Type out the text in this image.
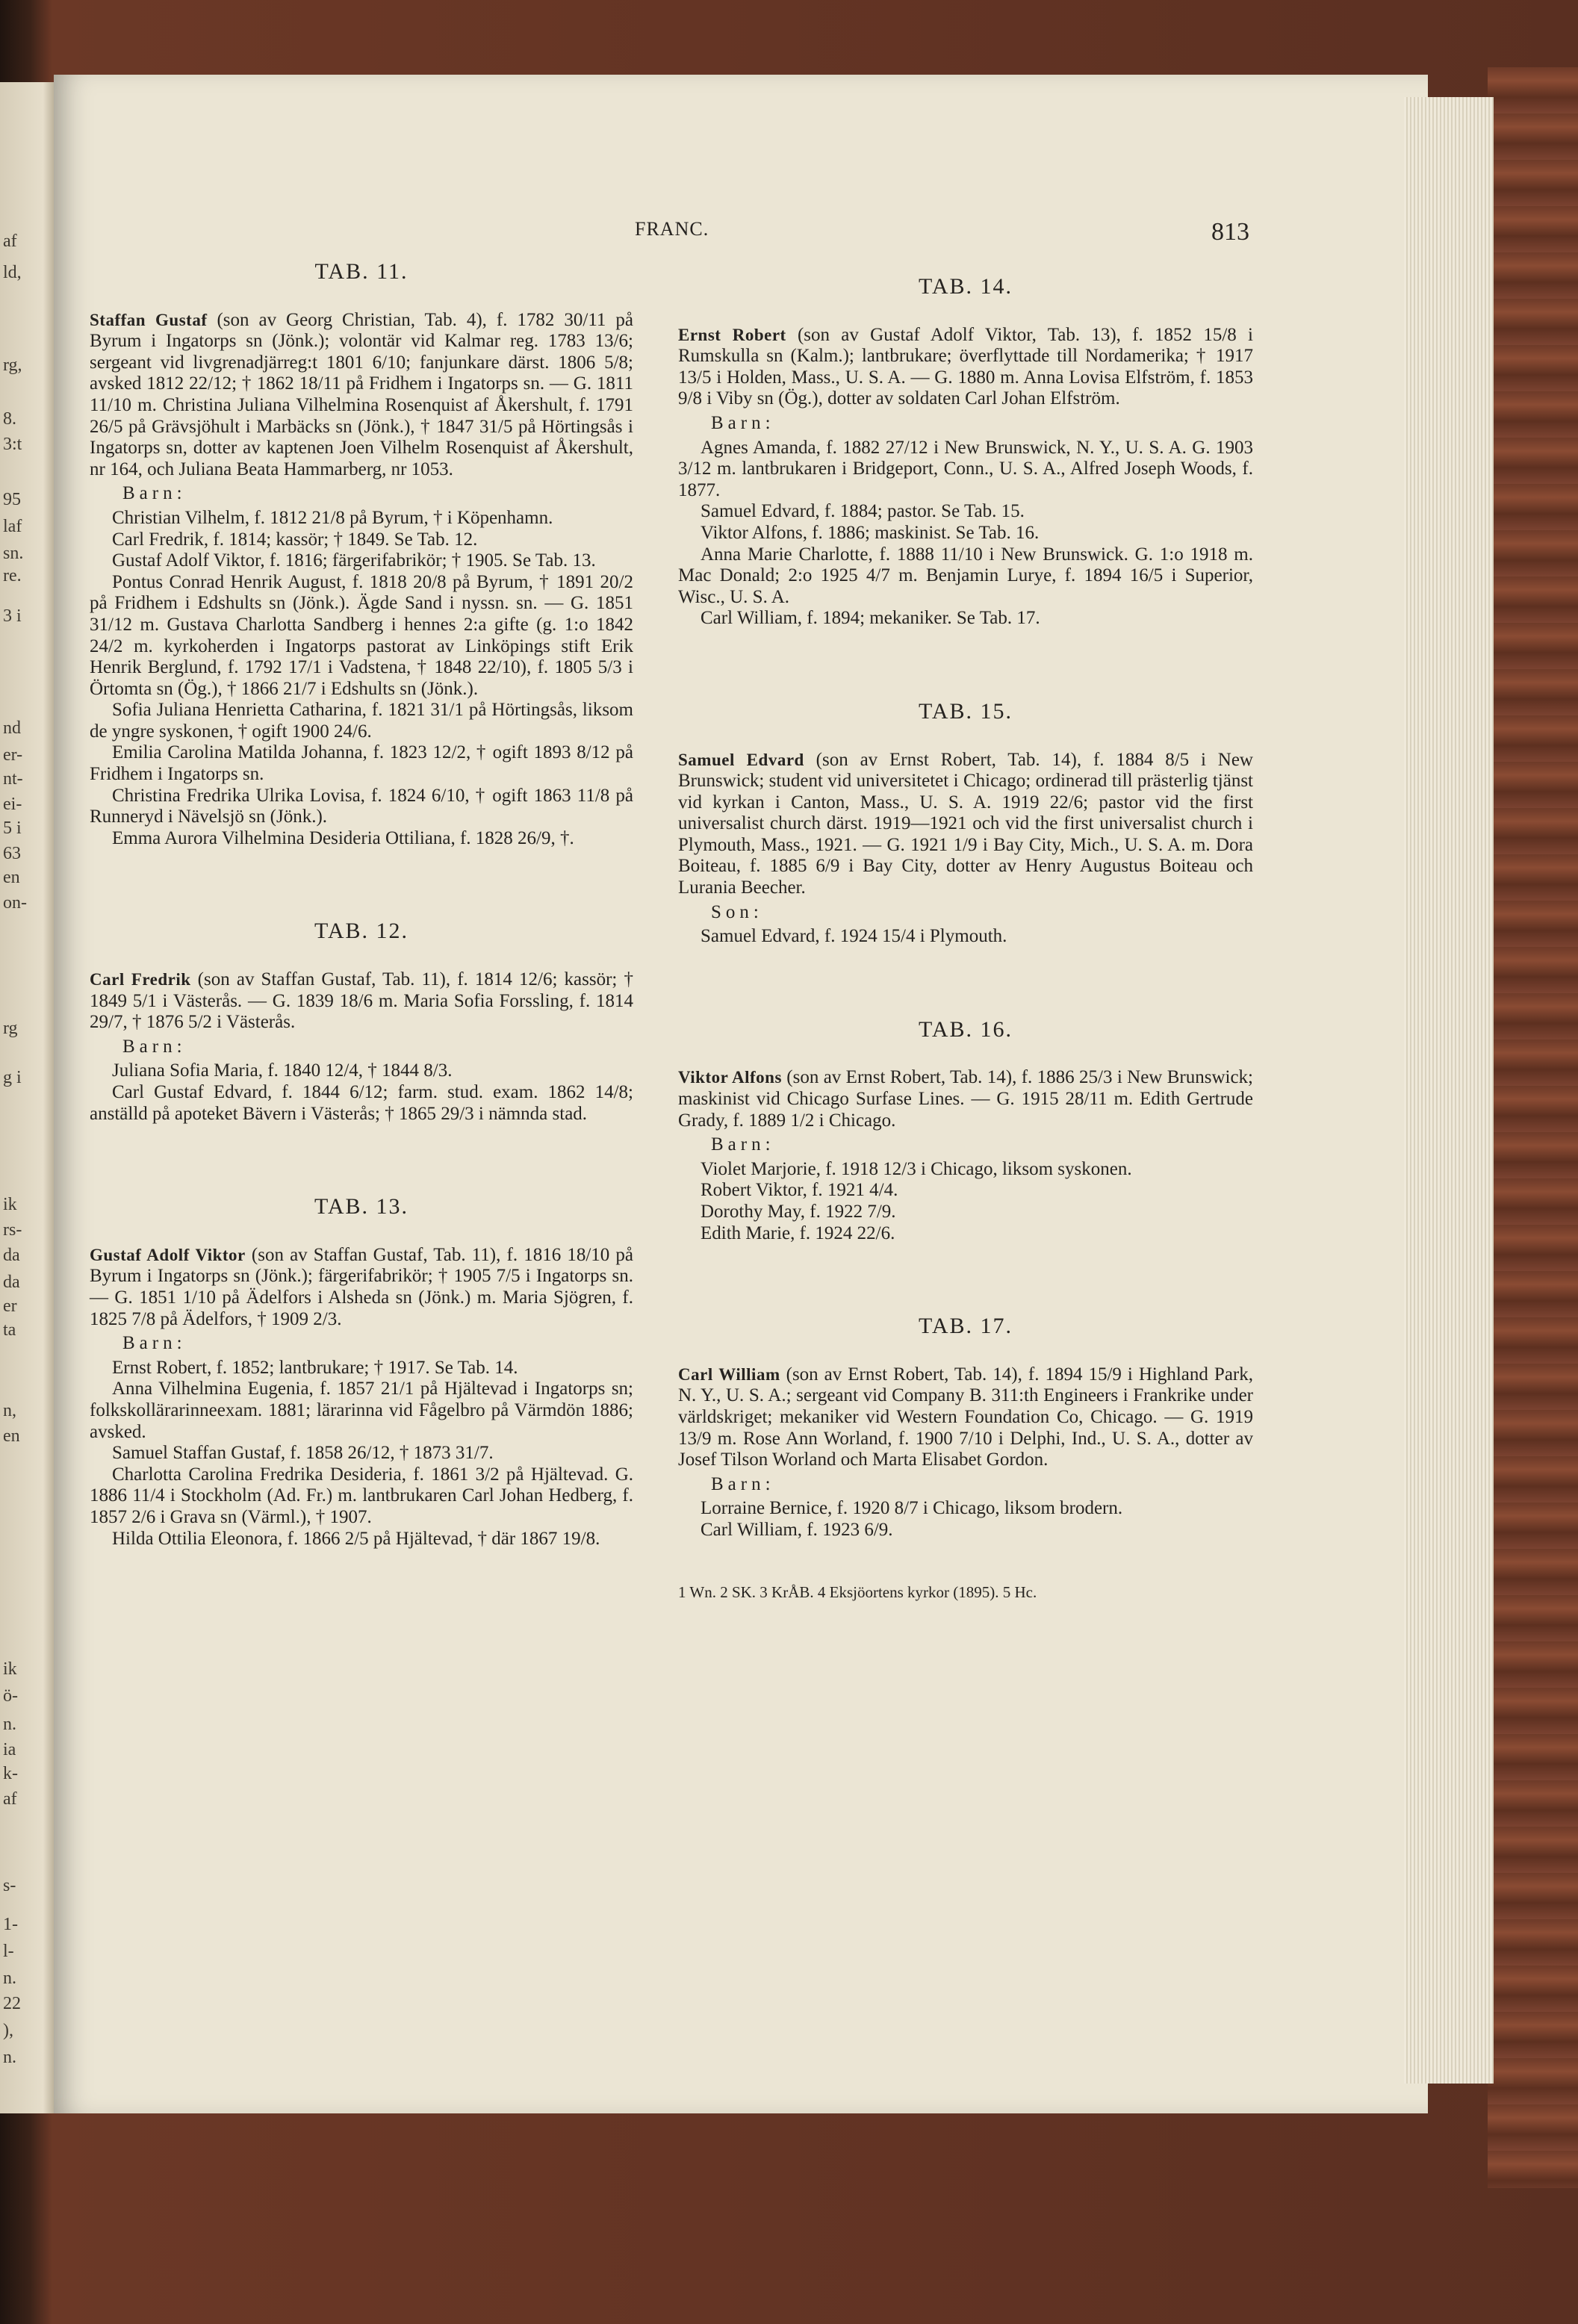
af
ld,
rg,
8.
3:t
95
laf
sn.
re.
3 i
nd
er-
nt-
ei-
5 i
63
en
on-
rg
g i
ik
rs-
da
da
er
ta
n,
en
ik
ö-
n.
ia
k-
af
s-
1-
l-
n.
22
),
n.
FRANC.	813
TAB. 11.

Staffan Gustaf (son av Georg Christian, Tab. 4), f. 1782 30/11 på Byrum i Ingatorps sn (Jönk.); volontär vid Kalmar reg. 1783 13/6; sergeant vid livgrenadjärreg:t 1801 6/10; fanjunkare därst. 1806 5/8; avsked 1812 22/12; † 1862 18/11 på Fridhem i Ingatorps sn. — G. 1811 11/10 m. Christina Juliana Vilhelmina Rosenquist af Åkershult, f. 1791 26/5 på Grävsjöhult i Marbäcks sn (Jönk.), † 1847 31/5 på Hörtingsås i Ingatorps sn, dotter av kaptenen Joen Vilhelm Rosenquist af Åkershult, nr 164, och Juliana Beata Hammarberg, nr 1053.

Barn:

Christian Vilhelm, f. 1812 21/8 på Byrum, † i Köpenhamn.

Carl Fredrik, f. 1814; kassör; † 1849. Se Tab. 12.

Gustaf Adolf Viktor, f. 1816; färgerifabrikör; † 1905. Se Tab. 13.

Pontus Conrad Henrik August, f. 1818 20/8 på Byrum, † 1891 20/2 på Fridhem i Edshults sn (Jönk.). Ägde Sand i nyssn. sn. — G. 1851 31/12 m. Gustava Charlotta Sandberg i hennes 2:a gifte (g. 1:o 1842 24/2 m. kyrkoherden i Ingatorps pastorat av Linköpings stift Erik Henrik Berglund, f. 1792 17/1 i Vadstena, † 1848 22/10), f. 1805 5/3 i Örtomta sn (Ög.), † 1866 21/7 i Edshults sn (Jönk.).

Sofia Juliana Henrietta Catharina, f. 1821 31/1 på Hörtingsås, liksom de yngre syskonen, † ogift 1900 24/6.

Emilia Carolina Matilda Johanna, f. 1823 12/2, † ogift 1893 8/12 på Fridhem i Ingatorps sn.

Christina Fredrika Ulrika Lovisa, f. 1824 6/10, † ogift 1863 11/8 på Runneryd i Nävelsjö sn (Jönk.).

Emma Aurora Vilhelmina Desideria Ottiliana, f. 1828 26/9, †.

TAB. 12.

Carl Fredrik (son av Staffan Gustaf, Tab. 11), f. 1814 12/6; kassör; † 1849 5/1 i Västerås. — G. 1839 18/6 m. Maria Sofia Forssling, f. 1814 29/7, † 1876 5/2 i Västerås.

Barn:

Juliana Sofia Maria, f. 1840 12/4, † 1844 8/3.

Carl Gustaf Edvard, f. 1844 6/12; farm. stud. exam. 1862 14/8; anställd på apoteket Bävern i Västerås; † 1865 29/3 i nämnda stad.

TAB. 13.

Gustaf Adolf Viktor (son av Staffan Gustaf, Tab. 11), f. 1816 18/10 på Byrum i Ingatorps sn (Jönk.); färgerifabrikör; † 1905 7/5 i Ingatorps sn. — G. 1851 1/10 på Ädelfors i Alsheda sn (Jönk.) m. Maria Sjögren, f. 1825 7/8 på Ädelfors, † 1909 2/3.

Barn:

Ernst Robert, f. 1852; lantbrukare; † 1917. Se Tab. 14.

Anna Vilhelmina Eugenia, f. 1857 21/1 på Hjältevad i Ingatorps sn; folkskollärarinneexam. 1881; lärarinna vid Fågelbro på Värmdön 1886; avsked.

Samuel Staffan Gustaf, f. 1858 26/12, † 1873 31/7.

Charlotta Carolina Fredrika Desideria, f. 1861 3/2 på Hjältevad. G. 1886 11/4 i Stockholm (Ad. Fr.) m. lantbrukaren Carl Johan Hedberg, f. 1857 2/6 i Grava sn (Värml.), † 1907.

Hilda Ottilia Eleonora, f. 1866 2/5 på Hjältevad, † där 1867 19/8.

TAB. 14.

Ernst Robert (son av Gustaf Adolf Viktor, Tab. 13), f. 1852 15/8 i Rumskulla sn (Kalm.); lantbrukare; överflyttade till Nordamerika; † 1917 13/5 i Holden, Mass., U. S. A. — G. 1880 m. Anna Lovisa Elfström, f. 1853 9/8 i Viby sn (Ög.), dotter av soldaten Carl Johan Elfström.

Barn:

Agnes Amanda, f. 1882 27/12 i New Brunswick, N. Y., U. S. A. G. 1903 3/12 m. lantbrukaren i Bridgeport, Conn., U. S. A., Alfred Joseph Woods, f. 1877.

Samuel Edvard, f. 1884; pastor. Se Tab. 15.

Viktor Alfons, f. 1886; maskinist. Se Tab. 16.

Anna Marie Charlotte, f. 1888 11/10 i New Brunswick. G. 1:o 1918 m. Mac Donald; 2:o 1925 4/7 m. Benjamin Lurye, f. 1894 16/5 i Superior, Wisc., U. S. A.

Carl William, f. 1894; mekaniker. Se Tab. 17.

TAB. 15.

Samuel Edvard (son av Ernst Robert, Tab. 14), f. 1884 8/5 i New Brunswick; student vid universitetet i Chicago; ordinerad till prästerlig tjänst vid kyrkan i Canton, Mass., U. S. A. 1919 22/6; pastor vid the first universalist church därst. 1919—1921 och vid the first universalist church i Plymouth, Mass., 1921. — G. 1921 1/9 i Bay City, Mich., U. S. A. m. Dora Boiteau, f. 1885 6/9 i Bay City, dotter av Henry Augustus Boiteau och Lurania Beecher.

Son:

Samuel Edvard, f. 1924 15/4 i Plymouth.

TAB. 16.

Viktor Alfons (son av Ernst Robert, Tab. 14), f. 1886 25/3 i New Brunswick; maskinist vid Chicago Surfase Lines. — G. 1915 28/11 m. Edith Gertrude Grady, f. 1889 1/2 i Chicago.

Barn:

Violet Marjorie, f. 1918 12/3 i Chicago, liksom syskonen.

Robert Viktor, f. 1921 4/4.

Dorothy May, f. 1922 7/9.

Edith Marie, f. 1924 22/6.

TAB. 17.

Carl William (son av Ernst Robert, Tab. 14), f. 1894 15/9 i Highland Park, N. Y., U. S. A.; sergeant vid Company B. 311:th Engineers i Frankrike under världskriget; mekaniker vid Western Foundation Co, Chicago. — G. 1919 13/9 m. Rose Ann Worland, f. 1900 7/10 i Delphi, Ind., U. S. A., dotter av Josef Tilson Worland och Marta Elisabet Gordon.

Barn:

Lorraine Bernice, f. 1920 8/7 i Chicago, liksom brodern.

Carl William, f. 1923 6/9.

1 Wn. 2 SK. 3 KrÅB. 4 Eksjöortens kyrkor (1895). 5 Hc.
